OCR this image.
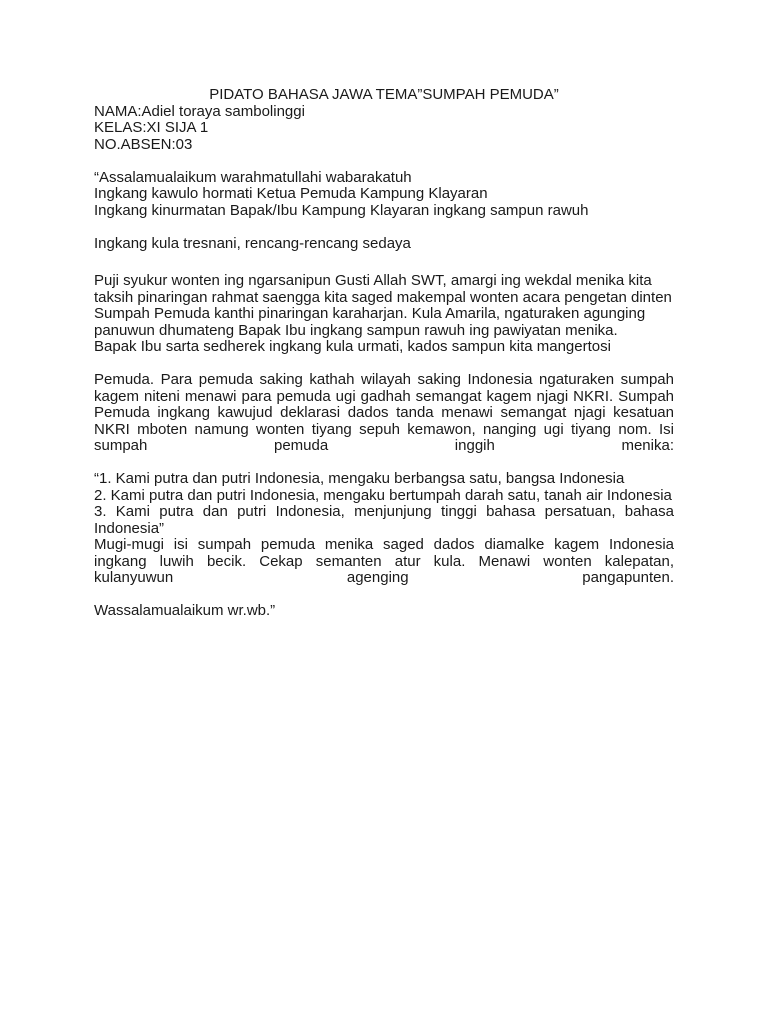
PIDATO BAHASA JAWA TEMA”SUMPAH PEMUDA”

NAMA:Adiel toraya sambolinggi

KELAS:XI SIJA 1

NO.ABSEN:03

“Assalamualaikum warahmatullahi wabarakatuh

Ingkang kawulo hormati Ketua Pemuda Kampung Klayaran

Ingkang kinurmatan Bapak/Ibu Kampung Klayaran ingkang sampun rawuh

Ingkang kula tresnani, rencang-rencang sedaya

Puji syukur wonten ing ngarsanipun Gusti Allah SWT, amargi ing wekdal menika kita taksih pinaringan rahmat saengga kita saged makempal wonten acara pengetan dinten Sumpah Pemuda kanthi pinaringan karaharjan. Kula Amarila, ngaturaken agunging panuwun dhumateng Bapak Ibu ingkang sampun rawuh ing pawiyatan menika.

Bapak Ibu sarta sedherek ingkang kula urmati, kados sampun kita mangertosi

Pemuda. Para pemuda saking kathah wilayah saking Indonesia ngaturaken sumpah kagem niteni menawi para pemuda ugi gadhah semangat kagem njagi NKRI. Sumpah Pemuda ingkang kawujud deklarasi dados tanda menawi semangat njagi kesatuan NKRI mboten namung wonten tiyang sepuh kemawon, nanging ugi tiyang nom. Isi sumpah pemuda inggih menika:

“1. Kami putra dan putri Indonesia, mengaku berbangsa satu, bangsa Indonesia

2. Kami putra dan putri Indonesia, mengaku bertumpah darah satu, tanah air Indonesia

3. Kami putra dan putri Indonesia, menjunjung tinggi bahasa persatuan, bahasa Indonesia”

Mugi-mugi isi sumpah pemuda menika saged dados diamalke kagem Indonesia ingkang luwih becik. Cekap semanten atur kula. Menawi wonten kalepatan, kulanyuwun agenging pangapunten.

Wassalamualaikum wr.wb.”
